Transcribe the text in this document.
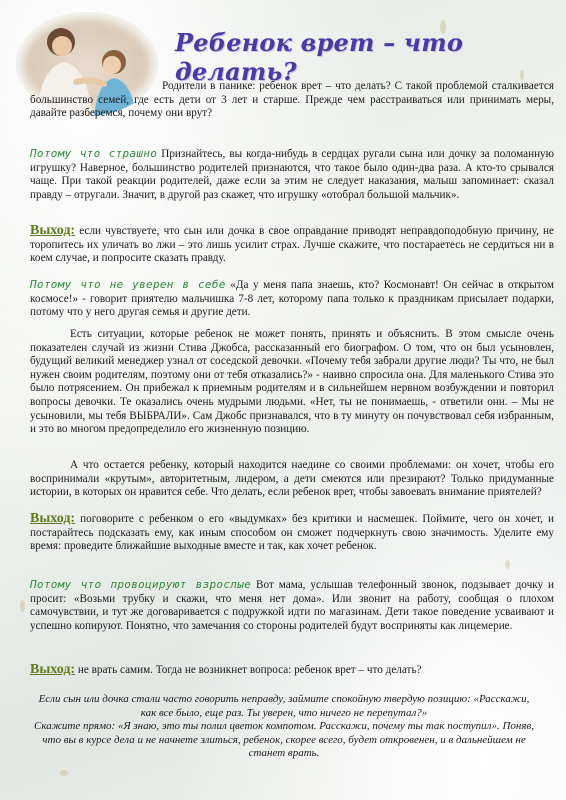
Ребенок врет – что делать?

Родители в панике: ребенок врет – что делать? С такой проблемой сталкивается большинство семей, где есть дети от 3 лет и старше. Прежде чем расстраиваться или принимать меры, давайте разберемся, почему они врут?

Потому что страшно Признайтесь, вы когда-нибудь в сердцах ругали сына или дочку за поломанную игрушку? Наверное, большинство родителей признаются, что такое было один-два раза. А кто-то срывался чаще. При такой реакции родителей, даже если за этим не следует наказания, малыш запоминает: сказал правду – отругали. Значит, в другой раз скажет, что игрушку «отобрал большой мальчик».

Выход: если чувствуете, что сын или дочка в свое оправдание приводят неправдоподобную причину, не торопитесь их уличать во лжи – это лишь усилит страх. Лучше скажите, что постараетесь не сердиться ни в коем случае, и попросите сказать правду.

Потому что не уверен в себе «Да у меня папа знаешь, кто? Космонавт! Он сейчас в открытом космосе!» - говорит приятелю мальчишка 7-8 лет, которому папа только к праздникам присылает подарки, потому что у него другая семья и другие дети.

Есть ситуации, которые ребенок не может понять, принять и объяснить. В этом смысле очень показателен случай из жизни Стива Джобса, рассказанный его биографом. О том, что он был усыновлен, будущий великий менеджер узнал от соседской девочки. «Почему тебя забрали другие люди? Ты что, не был нужен своим родителям, поэтому они от тебя отказались?» - наивно спросила она. Для маленького Стива это было потрясением. Он прибежал к приемным родителям и в сильнейшем нервном возбуждении и повторил вопросы девочки. Те оказались очень мудрыми людьми. «Нет, ты не понимаешь, - ответили они. – Мы не усыновили, мы тебя ВЫБРАЛИ». Сам Джобс признавался, что в ту минуту он почувствовал себя избранным, и это во многом предопределило его жизненную позицию.

А что остается ребенку, который находится наедине со своими проблемами: он хочет, чтобы его воспринимали «крутым», авторитетным, лидером, а дети смеются или презирают? Только придуманные истории, в которых он нравится себе. Что делать, если ребенок врет, чтобы завоевать внимание приятелей?

Выход: поговорите с ребенком о его «выдумках» без критики и насмешек. Поймите, чего он хочет, и постарайтесь подсказать ему, как иным способом он сможет подчеркнуть свою значимость. Уделите ему время: проведите ближайшие выходные вместе и так, как хочет ребенок.

Потому что провоцируют взрослые Вот мама, услышав телефонный звонок, подзывает дочку и просит: «Возьми трубку и скажи, что меня нет дома». Или звонит на работу, сообщая о плохом самочувствии, и тут же договаривается с подружкой идти по магазинам. Дети такое поведение усваивают и успешно копируют. Понятно, что замечания со стороны родителей будут восприняты как лицемерие.

Выход: не врать самим. Тогда не возникнет вопроса: ребенок врет – что делать?

Если сын или дочка стали часто говорить неправду, займите спокойную твердую позицию: «Расскажи, как все было, еще раз. Ты уверен, что ничего не перепутал?»
Скажите прямо: «Я знаю, это ты полил цветок компотом. Расскажи, почему ты так поступил». Поняв, что вы в курсе дела и не начнете злиться, ребенок, скорее всего, будет откровенен, и в дальнейшем не станет врать.
